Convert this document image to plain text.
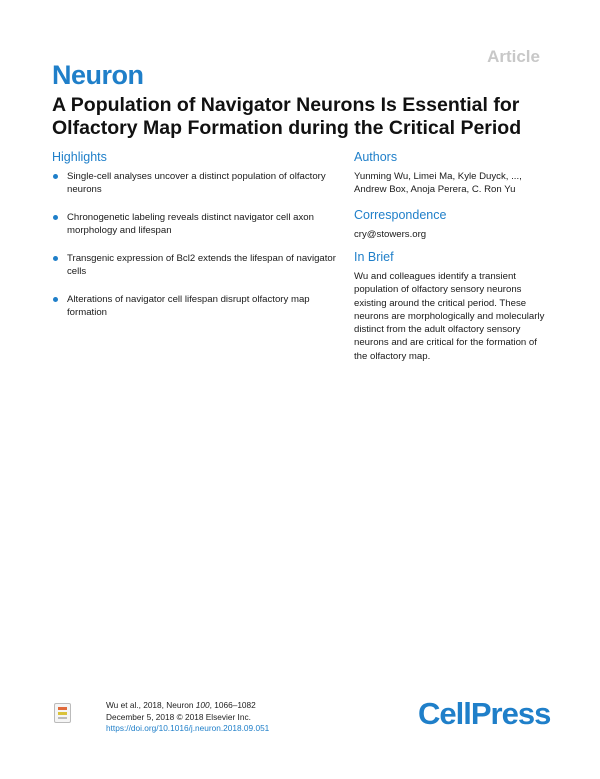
Article
Neuron
A Population of Navigator Neurons Is Essential for
Olfactory Map Formation during the Critical Period
Highlights
Single-cell analyses uncover a distinct population of olfactory neurons
Chronogenetic labeling reveals distinct navigator cell axon morphology and lifespan
Transgenic expression of Bcl2 extends the lifespan of navigator cells
Alterations of navigator cell lifespan disrupt olfactory map formation
Authors
Yunming Wu, Limei Ma, Kyle Duyck, ..., Andrew Box, Anoja Perera, C. Ron Yu
Correspondence
cry@stowers.org
In Brief
Wu and colleagues identify a transient population of olfactory sensory neurons existing around the critical period. These neurons are morphologically and molecularly distinct from the adult olfactory sensory neurons and are critical for the formation of the olfactory map.
Wu et al., 2018, Neuron 100, 1066–1082
December 5, 2018 © 2018 Elsevier Inc.
https://doi.org/10.1016/j.neuron.2018.09.051	CellPress
